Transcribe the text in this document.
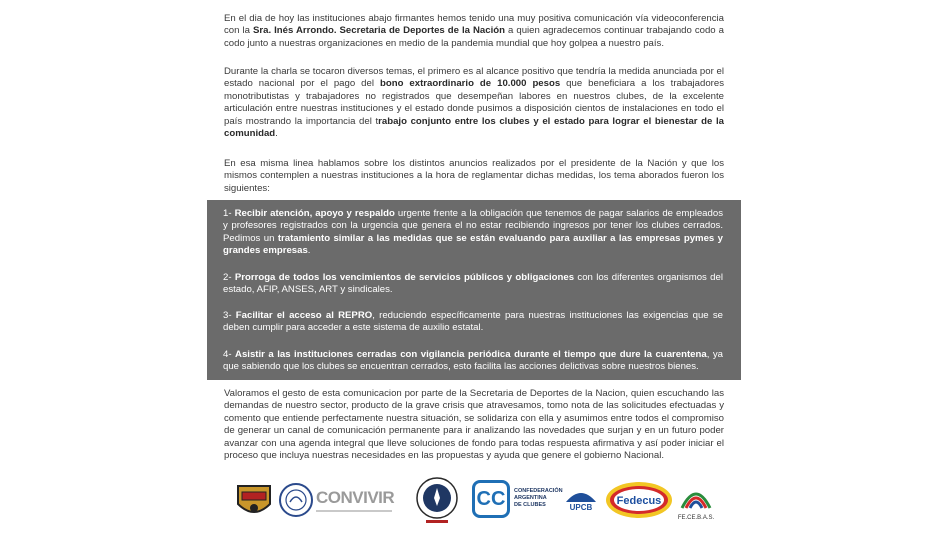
En el dia de hoy las instituciones abajo firmantes hemos tenido una muy positiva comunicación vía videoconferencia con la Sra. Inés Arrondo. Secretaria de Deportes de la Nación a quien agradecemos continuar trabajando codo a codo junto a nuestras organizaciones en medio de la pandemia mundial que hoy golpea a nuestro país.

Durante la charla se tocaron diversos temas, el primero es al alcance positivo que tendría la medida anunciada por el estado nacional por el pago del bono extraordinario de 10.000 pesos que beneficiara a los trabajadores monotributistas y trabajadores no registrados que desempeñan labores en nuestros clubes, de la excelente articulación entre nuestras instituciones y el estado donde pusimos a disposición cientos de instalaciones en todo el país mostrando la importancia del trabajo conjunto entre los clubes y el estado para lograr el bienestar de la comunidad.

En esa misma linea hablamos sobre los distintos anuncios realizados por el presidente de la Nación y que los mismos contemplen a nuestras instituciones a la hora de reglamentar dichas medidas, los tema aborados fueron los siguientes:

1- Recibir atención, apoyo y respaldo urgente frente a la obligación que tenemos de pagar salarios de empleados y profesores registrados con la urgencia que genera el no estar recibiendo ingresos por tener los clubes cerrados. Pedimos un tratamiento similar a las medidas que se están evaluando para auxiliar a las empresas pymes y grandes empresas.

2- Prorroga de todos los vencimientos de servicios públicos y obligaciones con los diferentes organismos del estado, AFIP, ANSES, ART y sindicales.

3- Facilitar el acceso al REPRO, reduciendo específicamente para nuestras instituciones las exigencias que se deben cumplir para acceder a este sistema de auxilio estatal.

4- Asistir a las instituciones cerradas con vigilancia periódica durante el tiempo que dure la cuarentena, ya que sabiendo que los clubes se encuentran cerrados, esto facilita las acciones delictivas sobre nuestros bienes.

Valoramos el gesto de esta comunicacion por parte de la Secretaria de Deportes de la Nacion, quien escuchando las demandas de nuestro sector, producto de la grave crisis que atravesamos, tomo nota de las solicitudes efectuadas y comento que entiende perfectamente nuestra situación, se solidariza con ella y asumimos entre todos el compromiso de generar un canal de comunicación permanente para ir analizando las novedades que surjan y en un futuro poder avanzar con una agenda integral que lleve soluciones de fondo para todas respuesta afirmativa y así poder iniciar el proceso que incluya nuestras necesidades en las propuestas y ayuda que genere el gobierno Nacional.

CONVIVIR	CC	CONFEDERACIÓN
ARGENTINA
DE CLUBES	UPCB
Fedecus
FE.CE.B.A.S.
